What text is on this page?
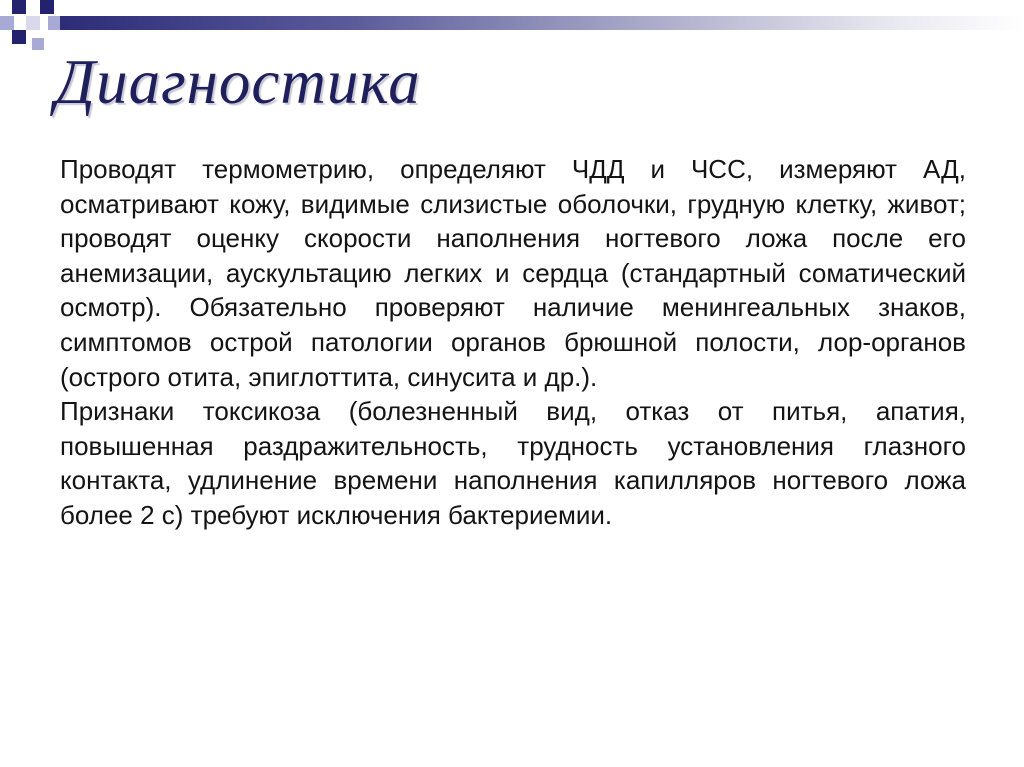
Диагностика

Проводят термометрию, определяют ЧДД и ЧСС, измеряют АД, осматривают кожу, видимые слизистые оболочки, грудную клетку, живот; проводят оценку скорости наполнения ногтевого ложа после его анемизации, аускультацию легких и сердца (стандартный соматический осмотр). Обязательно проверяют наличие менингеальных знаков, симптомов острой патологии органов брюшной полости, лор-органов (острого отита, эпиглоттита, синусита и др.).

Признаки токсикоза (болезненный вид, отказ от питья, апатия, повышенная раздражительность, трудность установления глазного контакта, удлинение времени наполнения капилляров ногтевого ложа более 2 с) требуют исключения бактериемии.
